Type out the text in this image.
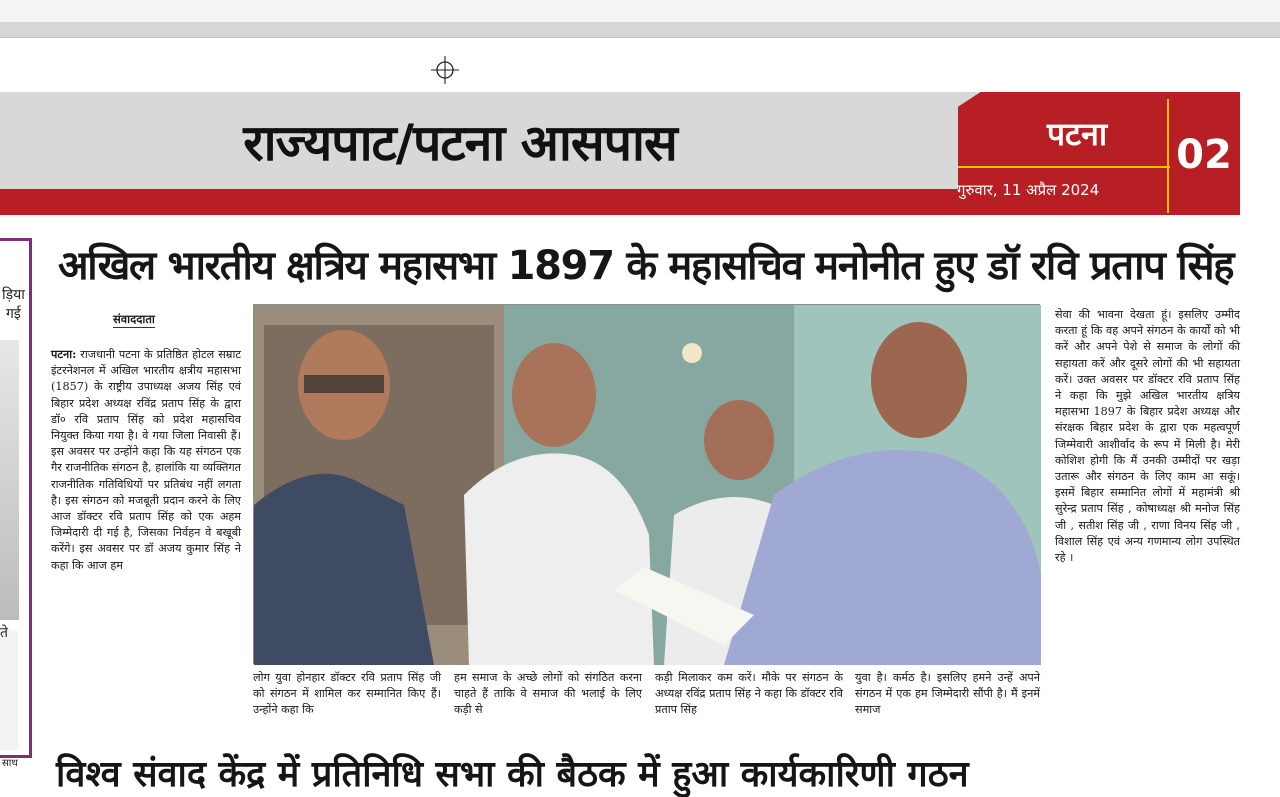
राज्यपाट/पटना आसपास	पटना
गुरुवार, 11 अप्रैल 2024
02
ड़िया
गई
ते
साथ
अखिल भारतीय क्षत्रिय महासभा 1897 के महासचिव मनोनीत हुए डॉ रवि प्रताप सिंह
संवाददाता
पटना: राजधानी पटना के प्रतिष्ठित होटल सम्राट इंटरनेशनल में अखिल भारतीय क्षत्रीय महासभा (1857) के राष्ट्रीय उपाध्यक्ष अजय सिंह एवं बिहार प्रदेश अध्यक्ष रविंद्र प्रताप सिंह के द्वारा डॉ० रवि प्रताप सिंह को प्रदेश महासचिव नियुक्त किया गया है। वे गया जिला निवासी हैं। इस अवसर पर उन्होंने कहा कि यह संगठन एक गैर राजनीतिक संगठन है, हालांकि या व्यक्तिगत राजनीतिक गतिविधियों पर प्रतिबंध नहीं लगता है। इस संगठन को मजबूती प्रदान करने के लिए आज डॉक्टर रवि प्रताप सिंह को एक अहम जिम्मेदारी दी गई है, जिसका निर्वहन वे बखूबी करेंगे। इस अवसर पर डॉ अजय कुमार सिंह ने कहा कि आज हम
लोग युवा होनहार डॉक्टर रवि प्रताप सिंह जी को संगठन में शामिल कर सम्मानित किए हैं। उन्होंने कहा कि
हम समाज के अच्छे लोगों को संगठित करना चाहते हैं ताकि वे समाज की भलाई के लिए कड़ी से
कड़ी मिलाकर कम करें। मौके पर संगठन के अध्यक्ष रविंद्र प्रताप सिंह ने कहा कि डॉक्टर रवि प्रताप सिंह
युवा है। कर्मठ है। इसलिए हमने उन्हें अपने संगठन में एक हम जिम्मेदारी सौंपी है। मैं इनमें समाज
सेवा की भावना देखता हूं। इसलिए उम्मीद करता हूं कि वह अपने संगठन के कार्यों को भी करें और अपने पेशे से समाज के लोगों की सहायता करें और दूसरे लोगों की भी सहायता करें। उक्त अवसर पर डॉक्टर रवि प्रताप सिंह ने कहा कि मुझे अखिल भारतीय क्षत्रिय महासभा 1897 के बिहार प्रदेश अध्यक्ष और संरक्षक बिहार प्रदेश के द्वारा एक महत्वपूर्ण जिम्मेवारी आशीर्वाद के रूप में मिली है। मेरी कोशिश होगी कि मैं उनकी उम्मीदों पर खड़ा उतारू और संगठन के लिए काम आ सकूं। इसमें बिहार सम्मानित लोगों में महामंत्री श्री सुरेन्द्र प्रताप सिंह , कोषाध्यक्ष श्री मनोज सिंह जी , सतीश सिंह जी , राणा विनय सिंह जी , विशाल सिंह एवं अन्य गणमान्य लोग उपस्थित रहे ।
विश्व संवाद केंद्र में प्रतिनिधि सभा की बैठक में हुआ कार्यकारिणी गठन
